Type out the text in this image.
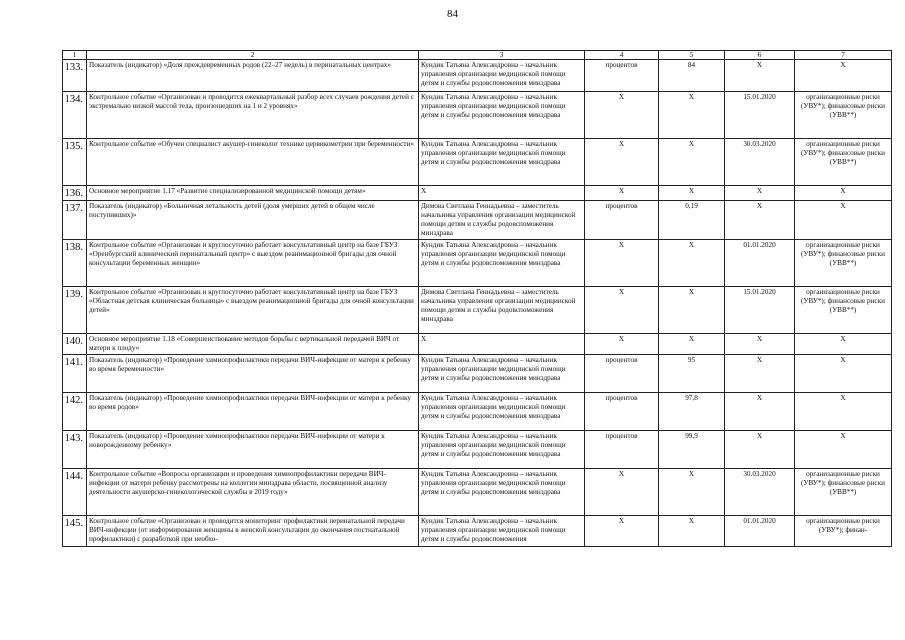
84
1	2	3	4	5	6	7
133.	Показатель (индикатор) «Доля преждевременных родов (22–27 недель) в перинатальных центрах»	Кундик Татьяна Александровна – начальник управления организации медицинской помощи детям и службы родовспоможения минздрава	процентов	84	Х	Х
134.	Контрольное событие «Организован и проводится ежеквартальный разбор всех случаев рождения детей с экстремально низкой массой тела, произошедших на 1 и 2 уровнях»	Кундик Татьяна Александровна – начальник управления организации медицинской помощи детям и службы родовспоможения минздрава	Х	Х	15.01.2020	организационные риски (УВУ*); финансовые риски (УВВ**)
135.	Контрольное событие «Обучен специалист акушер-гинеколог технике цервикометрии при беременности»	Кундик Татьяна Александровна – начальник управления организации медицинской помощи детям и службы родовспоможения минздрава	Х	Х	30.03.2020	организационные риски (УВУ*); финансовые риски (УВВ**)
136.	Основное мероприятие 1.17 «Развитие специализированной медицинской помощи детям»	Х	Х	Х	Х	Х
137.	Показатель (индикатор) «Больничная летальность детей (доля умерших детей в общем числе поступивших)»	Димова Светлана Геннадьевна – заместитель начальника управления организации медицинской помощи детям и службы родовспоможения минздрава	процентов	0,19	Х	Х
138.	Контрольное событие «Организован и круглосуточно работает консультативный центр на базе ГБУЗ «Оренбургский клинический перинатальный центр» с выездом реанимационной бригады для очной консультации беременных женщин»	Кундик Татьяна Александровна – начальник управления организации медицинской помощи детям и службы родовспоможения минздрава	Х	Х	01.01.2020	организационные риски (УВУ*); финансовые риски (УВВ**)
139.	Контрольное событие «Организован и круглосуточно работает консультативный центр на базе ГБУЗ «Областная детская клиническая больница» с выездом реанимационной бригады для очной консультации детей»	Димова Светлана Геннадьевна – заместитель начальника управления организации медицинской помощи детям и службы родовспоможения минздрава	Х	Х	15.01.2020	организационные риски (УВУ*); финансовые риски (УВВ**)
140.	Основное мероприятие 1.18 «Совершенствование методов борьбы с вертикальной передачей ВИЧ от матери к плоду»	Х	Х	Х	Х	Х
141.	Показатель (индикатор) «Проведение химиопрофилактики передачи ВИЧ-инфекции от матери к ребенку во время беременности»	Кундик Татьяна Александровна – начальник управления организации медицинской помощи детям и службы родовспоможения минздрава	процентов	95	Х	Х
142.	Показатель (индикатор) «Проведение химиопрофилактики передачи ВИЧ-инфекции от матери к ребенку во время родов»	Кундик Татьяна Александровна – начальник управления организации медицинской помощи детям и службы родовспоможения минздрава	процентов	97,8	Х	Х
143.	Показатель (индикатор) «Проведение химиопрофилактики передачи ВИЧ-инфекции от матери к новорожденному ребенку»	Кундик Татьяна Александровна – начальник управления организации медицинской помощи детям и службы родовспоможения минздрава	процентов	99,9	Х	Х
144.	Контрольное событие «Вопросы организации и проведения химиопрофилактики передачи ВИЧ-инфекции от матери ребенку рассмотрены на коллегии минздрава области, посвященной анализу деятельности акушерско-гинекологической службы в 2019 году»	Кундик Татьяна Александровна – начальник управления организации медицинской помощи детям и службы родовспоможения минздрава	Х	Х	30.03.2020	организационные риски (УВУ*); финансовые риски (УВВ**)
145.	Контрольное событие «Организован и проводится мониторинг профилактики перинатальной передачи ВИЧ-инфекции (от информирования женщины в женской консультации до окончания постнатальной профилактики) с разработкой при необхо-	Кундик Татьяна Александровна – начальник управления организации медицинской помощи детям и службы родовспоможения	Х	Х	01.01.2020	организационные риски (УВУ*); финан-
